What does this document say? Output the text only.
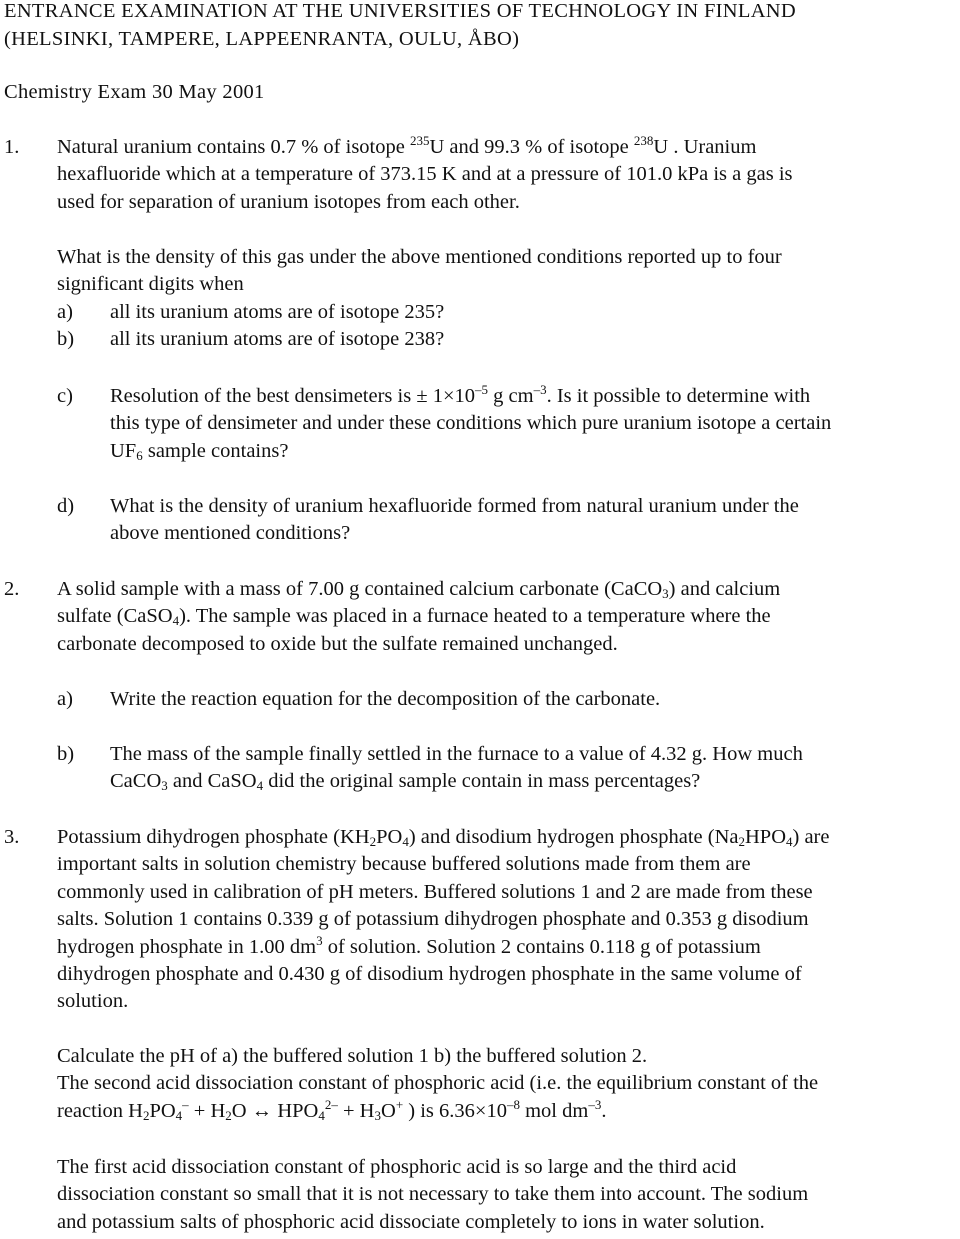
ENTRANCE EXAMINATION AT THE UNIVERSITIES OF TECHNOLOGY IN FINLAND
(HELSINKI, TAMPERE, LAPPEENRANTA, OULU, ÅBO)
Chemistry Exam 30 May 2001
1. Natural uranium contains 0.7 % of isotope $^{235}$U and 99.3 % of isotope $^{238}$U . Uranium
hexafluoride which at a temperature of 373.15 K and at a pressure of 101.0 kPa is a gas is
used for separation of uranium isotopes from each other.
What is the density of this gas under the above mentioned conditions reported up to four
significant digits when
a) all its uranium atoms are of isotope 235?
b) all its uranium atoms are of isotope 238?
c) Resolution of the best densimeters is ± $1\times 10^{-5}$ g $cm^{-3}$. Is it possible to determine with
this type of densimeter and under these conditions which pure uranium isotope a certain
$UF_6$ sample contains?
d) What is the density of uranium hexafluoride formed from natural uranium under the
above mentioned conditions?
2. A solid sample with a mass of 7.00 g contained calcium carbonate (CaCO$_3$) and calcium
sulfate (CaSO$_4$). The sample was placed in a furnace heated to a temperature where the
carbonate decomposed to oxide but the sulfate remained unchanged.
a) Write the reaction equation for the decomposition of the carbonate.
b) The mass of the sample finally settled in the furnace to a value of 4.32 g. How much
CaCO$_3$ and CaSO$_4$ did the original sample contain in mass percentages?
3. Potassium dihydrogen phosphate $(KH_2PO_4)$ and disodium hydrogen phosphate $(Na_2HPO_4)$ are
important salts in solution chemistry because buffered solutions made from them are
commonly used in calibration of pH meters. Buffered solutions 1 and 2 are made from these
salts. Solution 1 contains 0.339 g of potassium dihydrogen phosphate and 0.353 g disodium
hydrogen phosphate in 1.00 $dm^3$ of solution. Solution 2 contains 0.118 g of potassium
dihydrogen phosphate and 0.430 g of disodium hydrogen phosphate in the same volume of
solution.
Calculate the pH of a) the buffered solution 1 b) the buffered solution 2.
The second acid dissociation constant of phosphoric acid (i.e. the equilibrium constant of the
reaction $H_2PO_4^- + H_2O$ ↔ $HPO_4^{2-} + H_3O^+$ ) is $6.36\times 10^{-8}$ mol $dm^{-3}$.
The first acid dissociation constant of phosphoric acid is so large and the third acid
dissociation constant so small that it is not necessary to take them into account. The sodium
and potassium salts of phosphoric acid dissociate completely to ions in water solution.
